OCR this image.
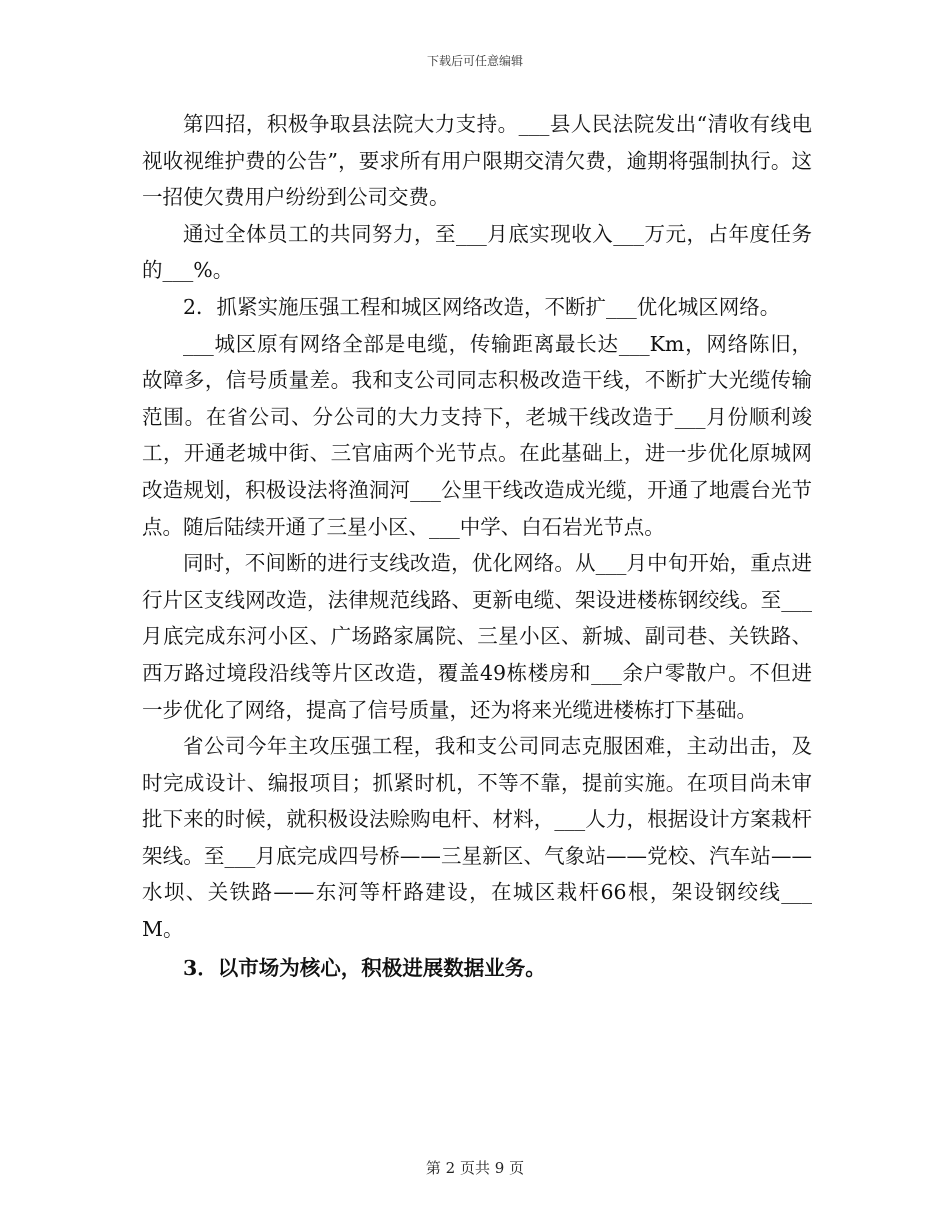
下载后可任意编辑

第四招，积极争取县法院大力支持。___县人民法院发出“清收有线电视收视维护费的公告”，要求所有用户限期交清欠费，逾期将强制执行。这一招使欠费用户纷纷到公司交费。

通过全体员工的共同努力，至___月底实现收入___万元，占年度任务的___%。

2．抓紧实施压强工程和城区网络改造，不断扩___优化城区网络。

___城区原有网络全部是电缆，传输距离最长达___Km，网络陈旧，故障多，信号质量差。我和支公司同志积极改造干线，不断扩大光缆传输范围。在省公司、分公司的大力支持下，老城干线改造于___月份顺利竣工，开通老城中街、三官庙两个光节点。在此基础上，进一步优化原城网改造规划，积极设法将渔洞河___公里干线改造成光缆，开通了地震台光节点。随后陆续开通了三星小区、___中学、白石岩光节点。

同时，不间断的进行支线改造，优化网络。从___月中旬开始，重点进行片区支线网改造，法律规范线路、更新电缆、架设进楼栋钢绞线。至___月底完成东河小区、广场路家属院、三星小区、新城、副司巷、关铁路、西万路过境段沿线等片区改造，覆盖49栋楼房和___余户零散户。不但进一步优化了网络，提高了信号质量，还为将来光缆进楼栋打下基础。

省公司今年主攻压强工程，我和支公司同志克服困难，主动出击，及时完成设计、编报项目；抓紧时机，不等不靠，提前实施。在项目尚未审批下来的时候，就积极设法赊购电杆、材料，___人力，根据设计方案栽杆架线。至___月底完成四号桥——三星新区、气象站——党校、汽车站——水坝、关铁路——东河等杆路建设，在城区栽杆66根，架设钢绞线___M。

3．以市场为核心，积极进展数据业务。

第 2 页共 9 页
